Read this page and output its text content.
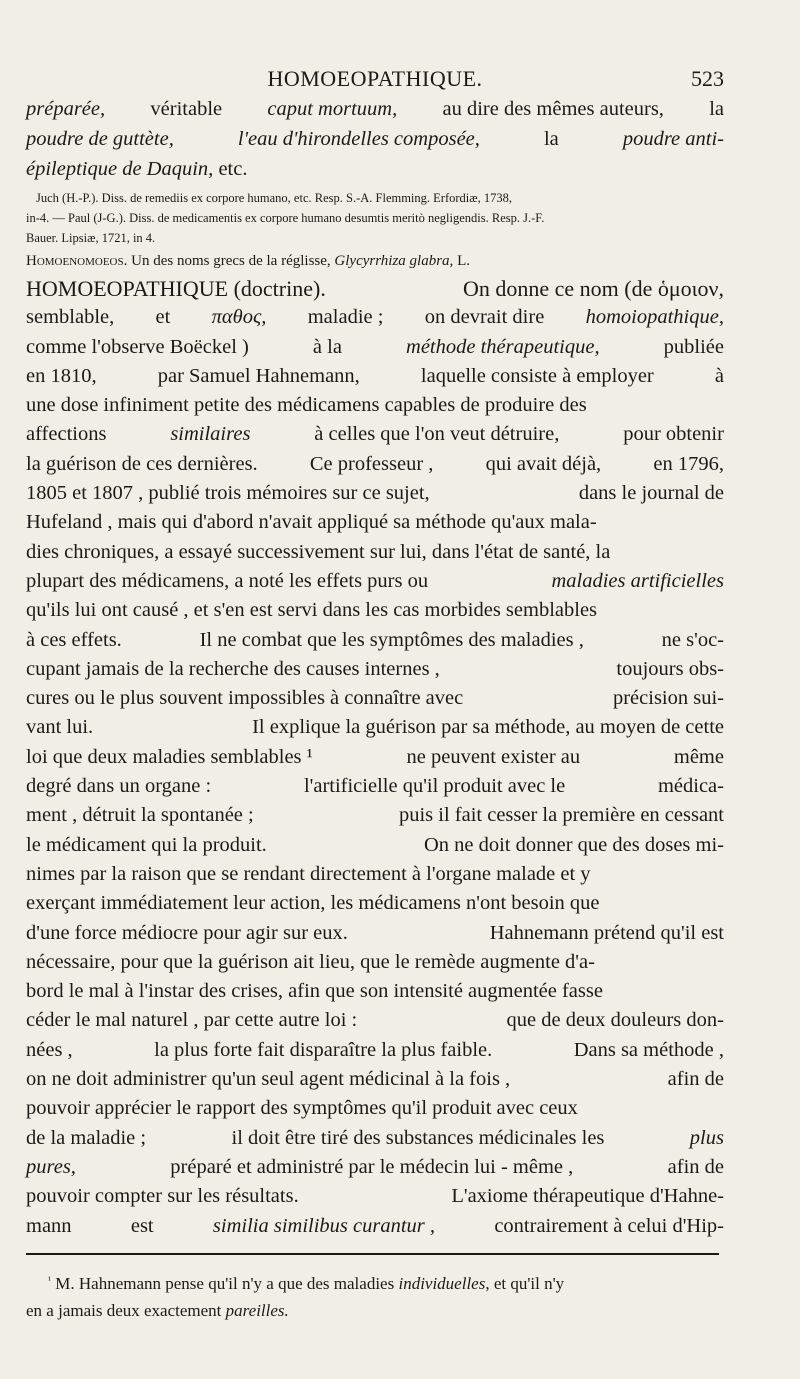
HOMOEOPATHIQUE.	523
préparée, véritable caput mortuum, au dire des mêmes auteurs, la
poudre de guttète,	l'eau d'hirondelles composée,	la	poudre anti-
épileptique de Daquin,
etc.
Juch (H.-P.). Diss. de remediis ex corpore humano, etc. Resp. S.-A. Flemming. Erfordiæ, 1738,
in-4. — Paul (J-G.). Diss. de medicamentis ex corpore humano desumtis meritò negligendis. Resp. J.-F.
Bauer. Lipsiæ, 1721, in 4.
Homoenomoeos.
Un des noms grecs de la réglisse,
Glycyrrhiza glabra,
L.
HOMOEOPATHIQUE (doctrine).	On donne ce nom (de ὁμοιον,
semblable, et παθος, maladie ; on devrait dire homoiopathique,
comme l'observe Boëckel )	à la	méthode thérapeutique,	publiée
en 1810,	par Samuel Hahnemann,	laquelle consiste à employer	à
une dose infiniment petite des médicamens capables de produire des
affections	similaires	à celles que l'on veut détruire,	pour obtenir
la guérison de ces dernières.	Ce professeur ,	qui avait déjà,	en 1796,
1805 et 1807 , publié trois mémoires sur ce sujet,	dans le journal de
Hufeland , mais qui d'abord n'avait appliqué sa méthode qu'aux mala-
dies chroniques, a essayé successivement sur lui, dans l'état de santé, la
plupart des médicamens, a noté les effets purs ou	maladies artificielles
qu'ils lui ont causé , et s'en est servi dans les cas morbides semblables
à ces effets.	Il ne combat que les symptômes des maladies ,	ne s'oc-
cupant jamais de la recherche des causes internes ,	toujours obs-
cures ou le plus souvent impossibles à connaître avec	précision sui-
vant lui.	Il explique la guérison par sa méthode, au moyen de cette
loi que deux maladies semblables ¹	ne peuvent exister au	même
degré dans un organe :	l'artificielle qu'il produit avec le	médica-
ment , détruit la spontanée ;	puis il fait cesser la première en cessant
le médicament qui la produit.	On ne doit donner que des doses mi-
nimes par la raison que se rendant directement à l'organe malade et y
exerçant immédiatement leur action, les médicamens n'ont besoin que
d'une force médiocre pour agir sur eux.	Hahnemann prétend qu'il est
nécessaire, pour que la guérison ait lieu, que le remède augmente d'a-
bord le mal à l'instar des crises, afin que son intensité augmentée fasse
céder le mal naturel , par cette autre loi :	que de deux douleurs don-
nées ,	la plus forte fait disparaître la plus faible.	Dans sa méthode ,
on ne doit administrer qu'un seul agent médicinal à la fois ,	afin de
pouvoir apprécier le rapport des symptômes qu'il produit avec ceux
de la maladie ;	il doit être tiré des substances médicinales les	plus
pures,	préparé et administré par le médecin lui - même ,	afin de
pouvoir compter sur les résultats.	L'axiome thérapeutique d'Hahne-
mann	est	similia similibus curantur ,	contrairement à celui d'Hip-
$^{^1}$ M. Hahnemann pense qu'il n'y a que des maladies individuelles, et qu'il n'y
en a jamais deux exactement pareilles.
